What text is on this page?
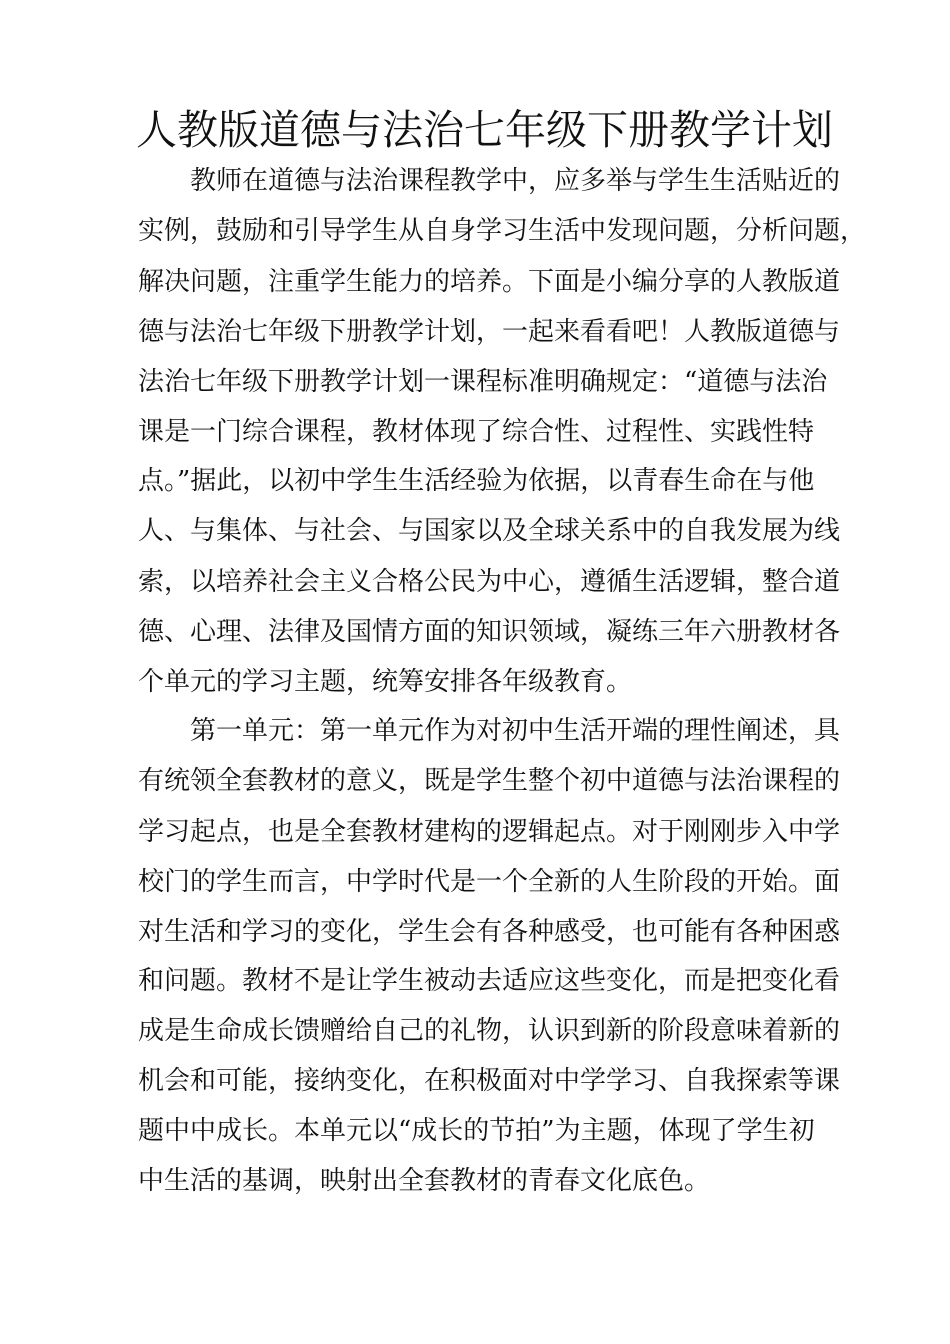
人教版道德与法治七年级下册教学计划

　　教师在道德与法治课程教学中，应多举与学生生活贴近的

实例，鼓励和引导学生从自身学习生活中发现问题，分析问题，

解决问题，注重学生能力的培养。下面是小编分享的人教版道

德与法治七年级下册教学计划，一起来看看吧！人教版道德与

法治七年级下册教学计划一课程标准明确规定：“道德与法治

课是一门综合课程，教材体现了综合性、过程性、实践性特

点。”据此，以初中学生生活经验为依据，以青春生命在与他

人、与集体、与社会、与国家以及全球关系中的自我发展为线

索，以培养社会主义合格公民为中心，遵循生活逻辑，整合道

德、心理、法律及国情方面的知识领域，凝练三年六册教材各

个单元的学习主题，统筹安排各年级教育。

　　第一单元：第一单元作为对初中生活开端的理性阐述，具

有统领全套教材的意义，既是学生整个初中道德与法治课程的

学习起点，也是全套教材建构的逻辑起点。对于刚刚步入中学

校门的学生而言，中学时代是一个全新的人生阶段的开始。面

对生活和学习的变化，学生会有各种感受，也可能有各种困惑

和问题。教材不是让学生被动去适应这些变化，而是把变化看

成是生命成长馈赠给自己的礼物，认识到新的阶段意味着新的

机会和可能，接纳变化，在积极面对中学学习、自我探索等课

题中中成长。本单元以“成长的节拍”为主题，体现了学生初

中生活的基调，映射出全套教材的青春文化底色。
